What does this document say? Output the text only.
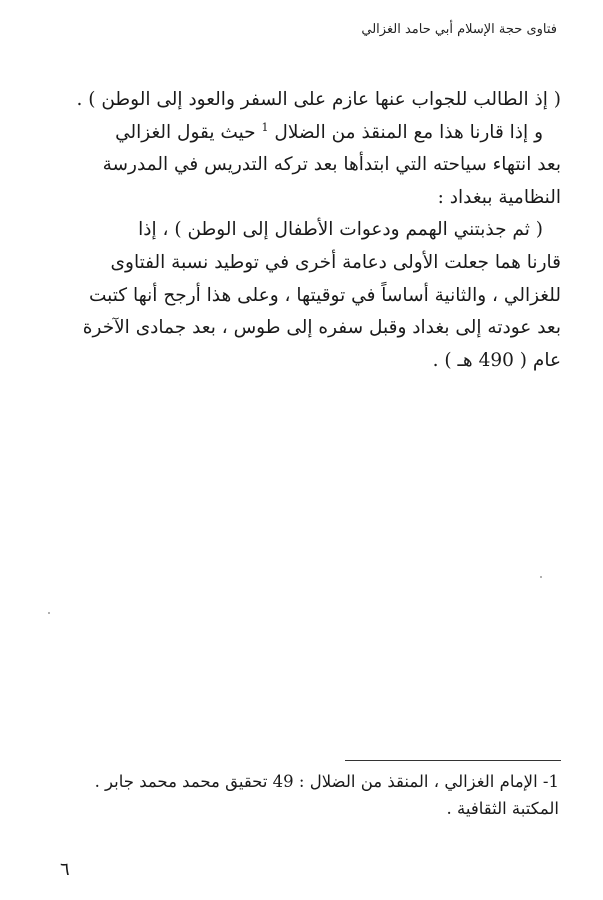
فتاوى حجة الإسلام أبي حامد الغزالي

( إذ الطالب للجواب عنها عازم على السفر والعود إلى الوطن ) .

و إذا قارنا هذا مع المنقذ من الضلال $^1$ حيث يقول الغزالي
بعد انتهاء سياحته التي ابتدأها بعد تركه التدريس في المدرسة
النظامية ببغداد :

( ثم جذبتني الهمم ودعوات الأطفال إلى الوطن ) ، إذا
قارنا هما جعلت الأولى دعامة أخرى في توطيد نسبة الفتاوى
للغزالي ، والثانية أساساً في توقيتها ، وعلى هذا أرجح أنها كتبت
بعد عودته إلى بغداد وقبل سفره إلى طوس ، بعد جمادى الآخرة
عام ( 490 هـ ) .

1- الإمام الغزالي ، المنقذ من الضلال : 49 تحقيق محمد محمد جابر .
المكتبة الثقافية .
٦
